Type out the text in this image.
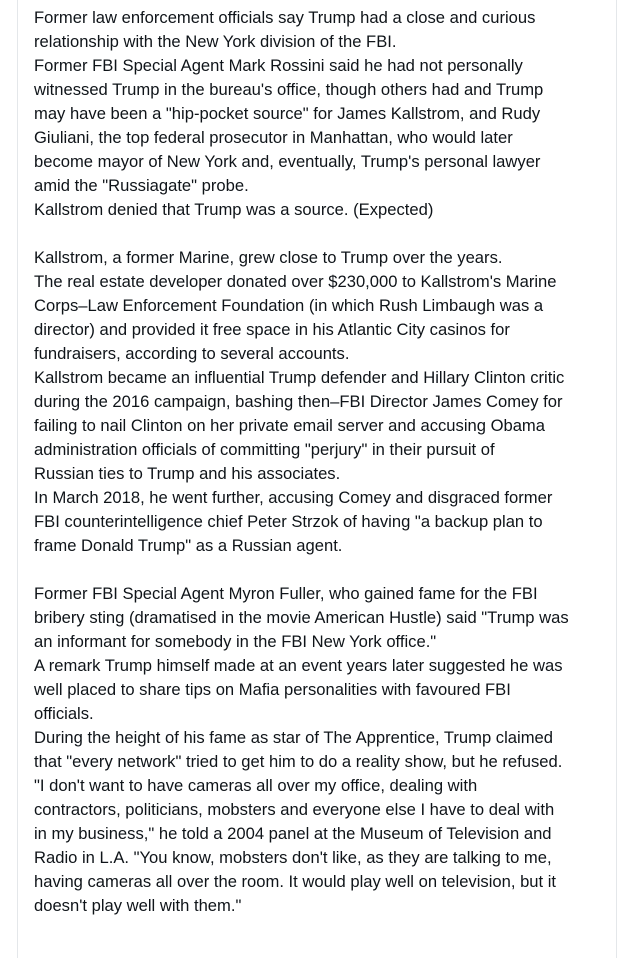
Former law enforcement officials say Trump had a close and curious
relationship with the New York division of the FBI.
Former FBI Special Agent Mark Rossini said he had not personally
witnessed Trump in the bureau's office, though others had and Trump
may have been a "hip-pocket source" for James Kallstrom, and Rudy
Giuliani, the top federal prosecutor in Manhattan, who would later
become mayor of New York and, eventually, Trump's personal lawyer
amid the "Russiagate" probe.
Kallstrom denied that Trump was a source. (Expected)
Kallstrom, a former Marine, grew close to Trump over the years.
The real estate developer donated over $230,000 to Kallstrom's Marine
Corps–Law Enforcement Foundation (in which Rush Limbaugh was a
director) and provided it free space in his Atlantic City casinos for
fundraisers, according to several accounts.
Kallstrom became an influential Trump defender and Hillary Clinton critic
during the 2016 campaign, bashing then–FBI Director James Comey for
failing to nail Clinton on her private email server and accusing Obama
administration officials of committing "perjury" in their pursuit of
Russian ties to Trump and his associates.
In March 2018, he went further, accusing Comey and disgraced former
FBI counterintelligence chief Peter Strzok of having "a backup plan to
frame Donald Trump" as a Russian agent.
Former FBI Special Agent Myron Fuller, who gained fame for the FBI
bribery sting (dramatised in the movie American Hustle) said "Trump was
an informant for somebody in the FBI New York office."
A remark Trump himself made at an event years later suggested he was
well placed to share tips on Mafia personalities with favoured FBI
officials.
During the height of his fame as star of The Apprentice, Trump claimed
that "every network" tried to get him to do a reality show, but he refused.
"I don't want to have cameras all over my office, dealing with
contractors, politicians, mobsters and everyone else I have to deal with
in my business," he told a 2004 panel at the Museum of Television and
Radio in L.A. "You know, mobsters don't like, as they are talking to me,
having cameras all over the room. It would play well on television, but it
doesn't play well with them."
